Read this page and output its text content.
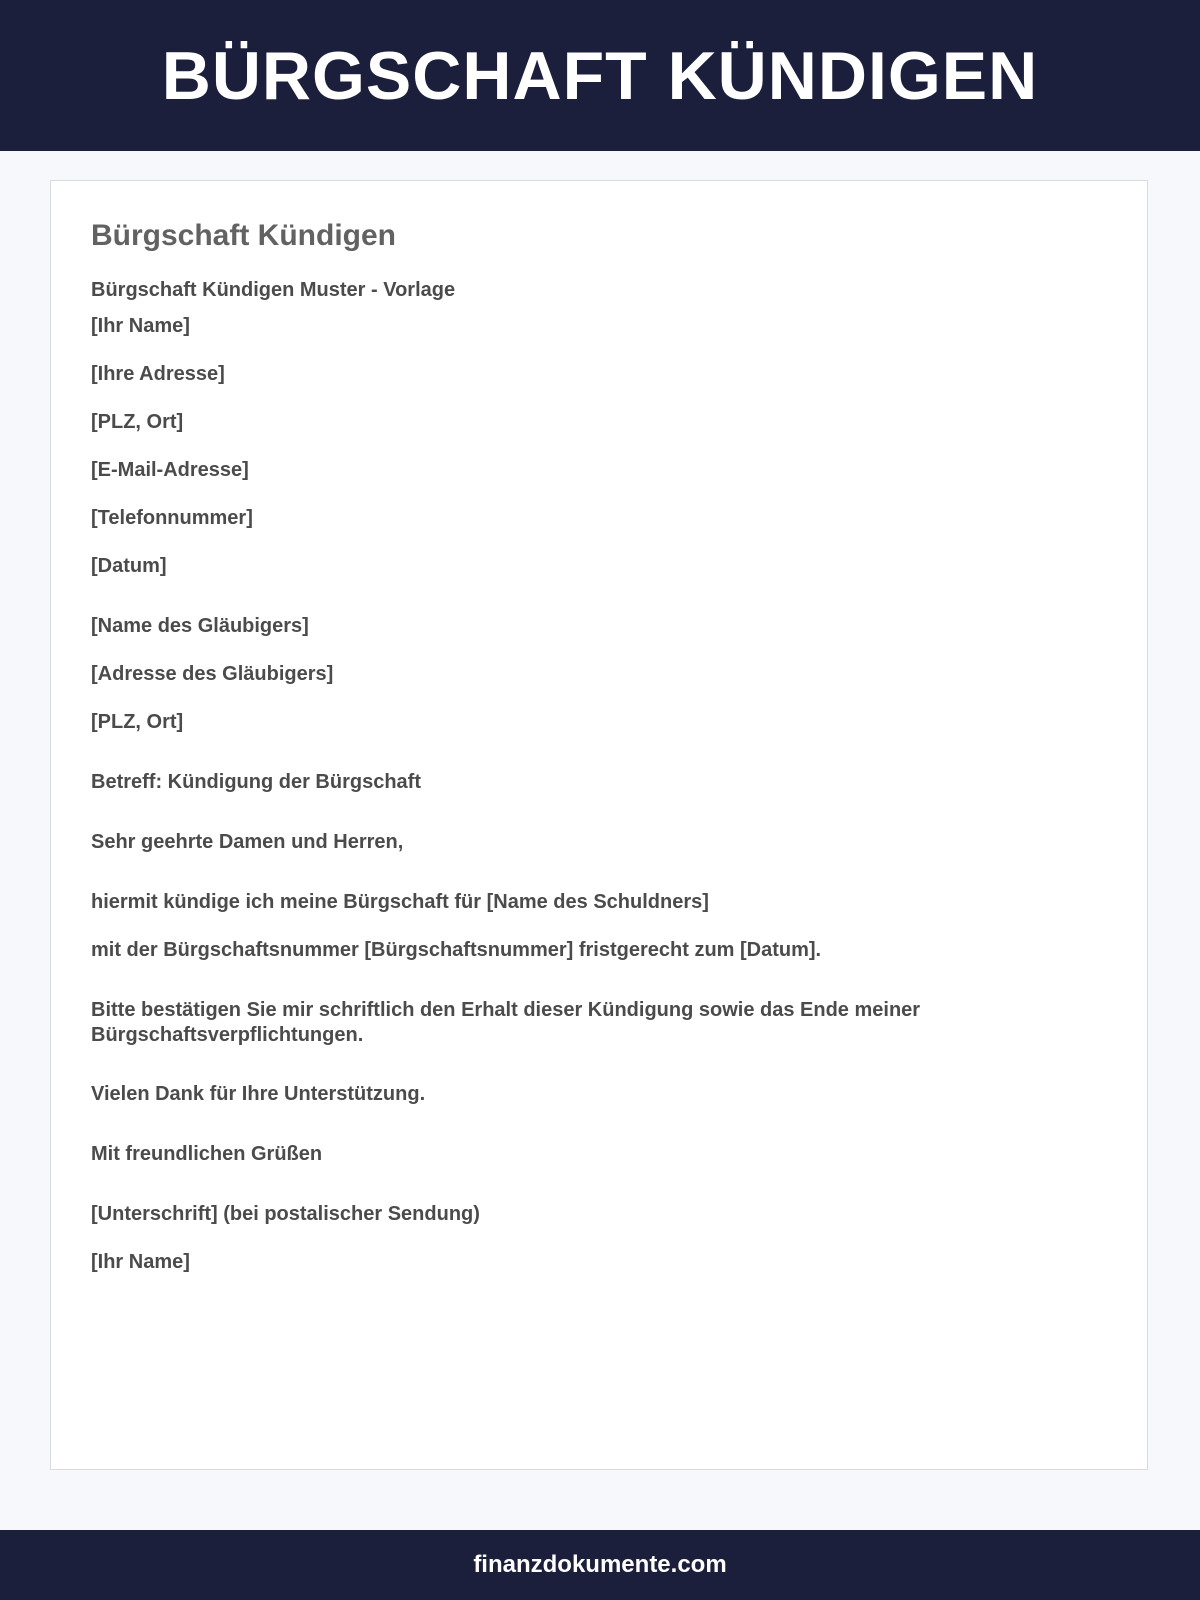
BÜRGSCHAFT KÜNDIGEN
Bürgschaft Kündigen

Bürgschaft Kündigen Muster - Vorlage

[Ihr Name]

[Ihre Adresse]

[PLZ, Ort]

[E-Mail-Adresse]

[Telefonnummer]

[Datum]

[Name des Gläubigers]

[Adresse des Gläubigers]

[PLZ, Ort]

Betreff: Kündigung der Bürgschaft

Sehr geehrte Damen und Herren,

hiermit kündige ich meine Bürgschaft für [Name des Schuldners]

mit der Bürgschaftsnummer [Bürgschaftsnummer] fristgerecht zum [Datum].

Bitte bestätigen Sie mir schriftlich den Erhalt dieser Kündigung sowie das Ende meiner Bürgschaftsverpflichtungen.

Vielen Dank für Ihre Unterstützung.

Mit freundlichen Grüßen

[Unterschrift] (bei postalischer Sendung)

[Ihr Name]

finanzdokumente.com
